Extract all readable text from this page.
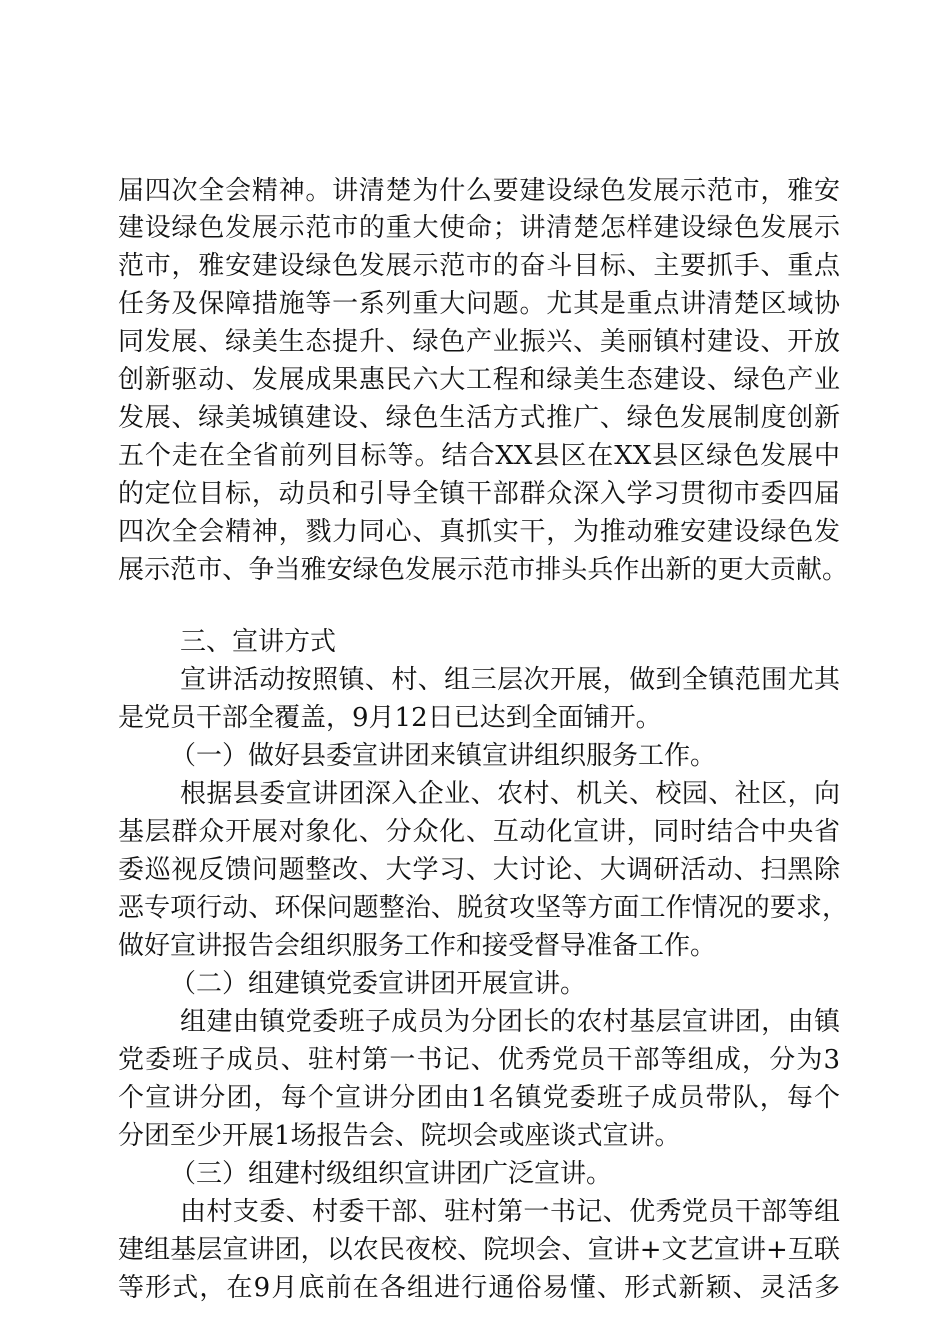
届四次全会精神。讲清楚为什么要建设绿色发展示范市，雅安
建设绿色发展示范市的重大使命；讲清楚怎样建设绿色发展示
范市，雅安建设绿色发展示范市的奋斗目标、主要抓手、重点
任务及保障措施等一系列重大问题。尤其是重点讲清楚区域协
同发展、绿美生态提升、绿色产业振兴、美丽镇村建设、开放
创新驱动、发展成果惠民六大工程和绿美生态建设、绿色产业
发展、绿美城镇建设、绿色生活方式推广、绿色发展制度创新
五个走在全省前列目标等。结合XX县区在XX县区绿色发展中
的定位目标，动员和引导全镇干部群众深入学习贯彻市委四届
四次全会精神，戮力同心、真抓实干，为推动雅安建设绿色发
展示范市、争当雅安绿色发展示范市排头兵作出新的更大贡献。
三、宣讲方式
宣讲活动按照镇、村、组三层次开展，做到全镇范围尤其
是党员干部全覆盖，9月12日已达到全面铺开。
（一）做好县委宣讲团来镇宣讲组织服务工作。
根据县委宣讲团深入企业、农村、机关、校园、社区，向
基层群众开展对象化、分众化、互动化宣讲，同时结合中央省
委巡视反馈问题整改、大学习、大讨论、大调研活动、扫黑除
恶专项行动、环保问题整治、脱贫攻坚等方面工作情况的要求，
做好宣讲报告会组织服务工作和接受督导准备工作。
（二）组建镇党委宣讲团开展宣讲。
组建由镇党委班子成员为分团长的农村基层宣讲团，由镇
党委班子成员、驻村第一书记、优秀党员干部等组成，分为3
个宣讲分团，每个宣讲分团由1名镇党委班子成员带队，每个
分团至少开展1场报告会、院坝会或座谈式宣讲。
（三）组建村级组织宣讲团广泛宣讲。
由村支委、村委干部、驻村第一书记、优秀党员干部等组
建组基层宣讲团，以农民夜校、院坝会、宣讲+文艺宣讲+互联
等形式，在9月底前在各组进行通俗易懂、形式新颖、灵活多
